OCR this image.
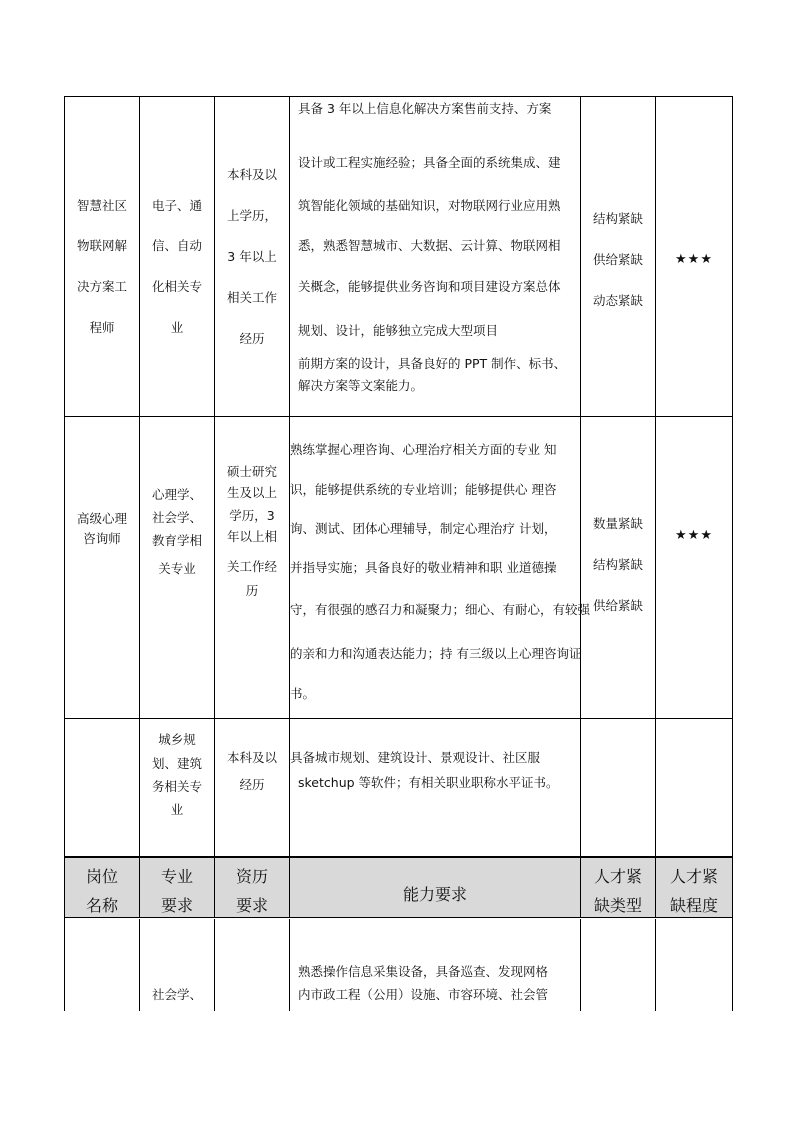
智慧社区
物联网解
决方案工
程师
电子、通
信、自动
化相关专
业
本科及以
上学历，
3 年以上
相关工作
经历
具备 3 年以上信息化解决方案售前支持、方案
设计或工程实施经验；具备全面的系统集成、建
筑智能化领域的基础知识，对物联网行业应用熟
悉，熟悉智慧城市、大数据、云计算、物联网相
关概念，能够提供业务咨询和项目建设方案总体
规划、设计，能够独立完成大型项目
前期方案的设计，具备良好的 PPT 制作、标书、
解决方案等文案能力。
结构紧缺
供给紧缺
动态紧缺
★★★
高级心理
咨询师
心理学、
社会学、
教育学相
关专业
硕士研究
生及以上
学历，3
年以上相
关工作经
历
熟练掌握心理咨询、心理治疗相关方面的专业 知
识，能够提供系统的专业培训；能够提供心 理咨
询、测试、团体心理辅导，制定心理治疗 计划，
并指导实施；具备良好的敬业精神和职 业道德操
守，有很强的感召力和凝聚力；细心、有耐心，有较强
的亲和力和沟通表达能力；持 有三级以上心理咨询证
书。
数量紧缺
结构紧缺
供给紧缺
★★★
城乡规
划、建筑
务相关专
业
本科及以
经历
具备城市规划、建筑设计、景观设计、社区服
sketchup 等软件；有相关职业职称水平证书。
岗位
名称
专业
要求
资历
要求
能力要求
人才紧
缺类型
人才紧
缺程度
社会学、
熟悉操作信息采集设备，具备巡查、发现网格
内市政工程（公用）设施、市容环境、社会管
